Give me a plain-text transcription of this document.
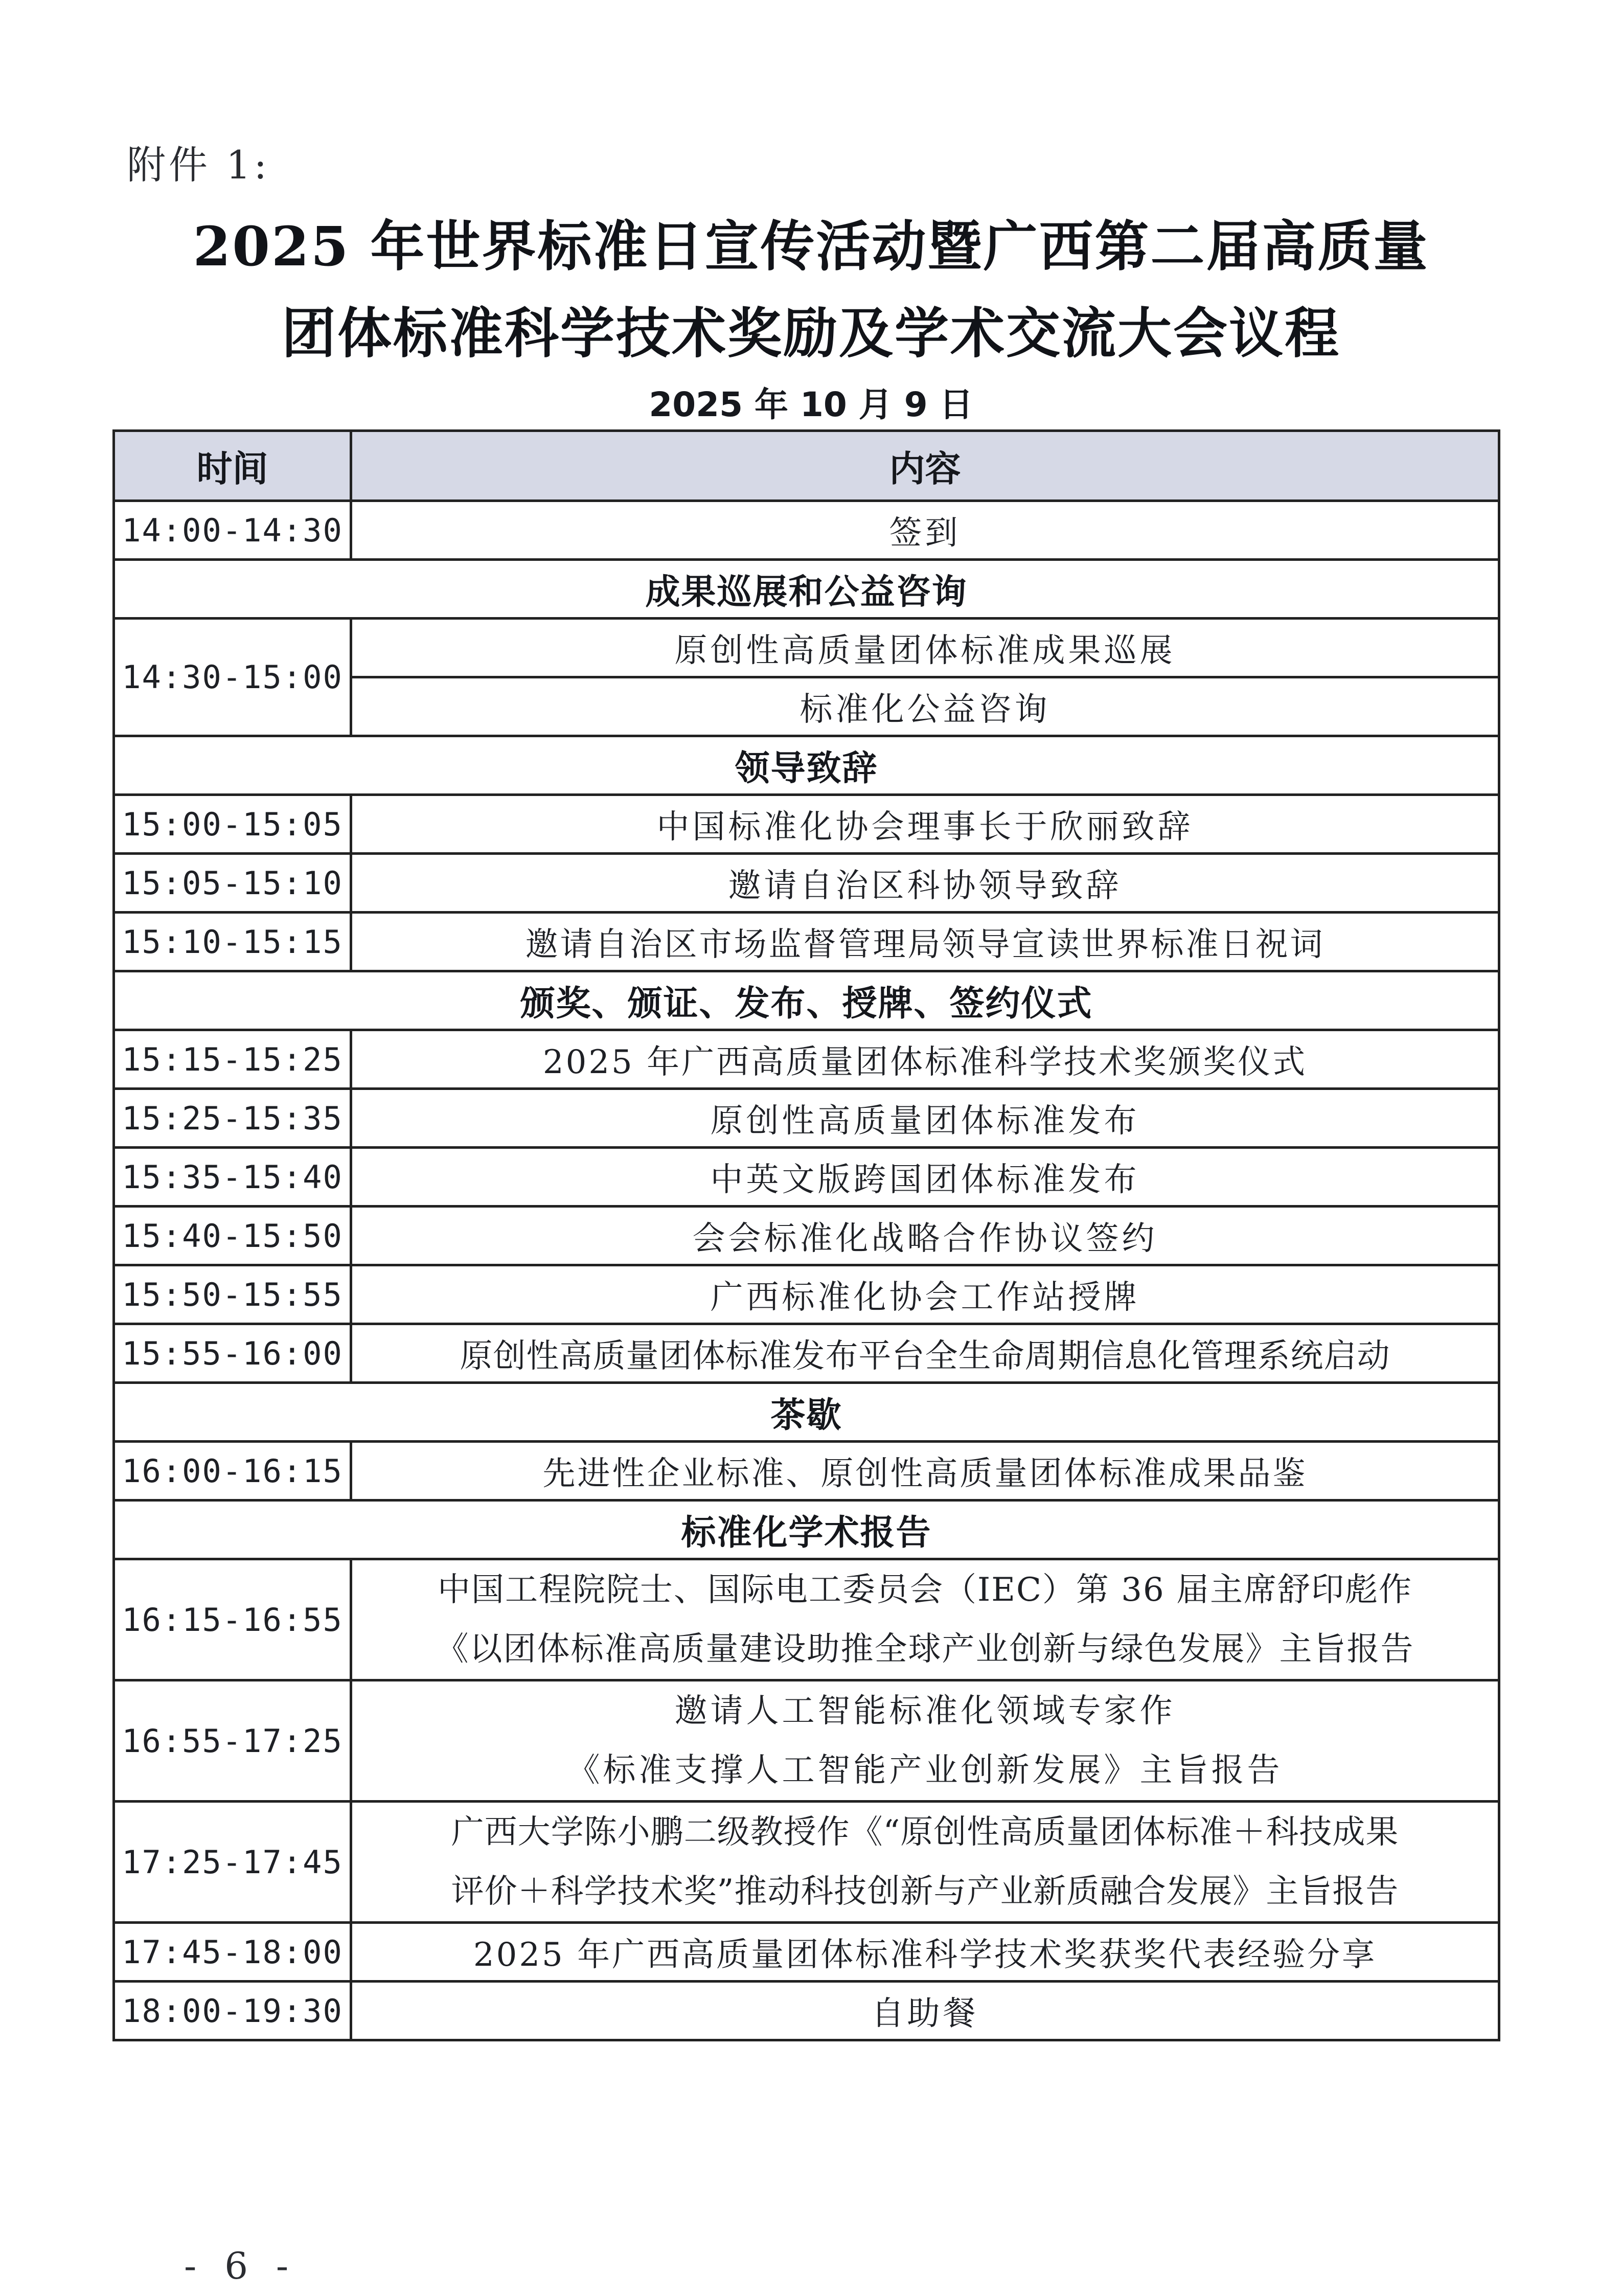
附件 1:
2025 年世界标准日宣传活动暨广西第二届高质量
团体标准科学技术奖励及学术交流大会议程
2025 年 10 月 9 日
时间	内容
14:00-14:30	签到
成果巡展和公益咨询	
14:30-15:00	原创性高质量团体标准成果巡展
	标准化公益咨询
领导致辞	
15:00-15:05	中国标准化协会理事长于欣丽致辞
15:05-15:10	邀请自治区科协领导致辞
15:10-15:15	邀请自治区市场监督管理局领导宣读世界标准日祝词
颁奖、颁证、发布、授牌、签约仪式	
15:15-15:25	2025 年广西高质量团体标准科学技术奖颁奖仪式
15:25-15:35	原创性高质量团体标准发布
15:35-15:40	中英文版跨国团体标准发布
15:40-15:50	会会标准化战略合作协议签约
15:50-15:55	广西标准化协会工作站授牌
15:55-16:00	原创性高质量团体标准发布平台全生命周期信息化管理系统启动
茶歇	
16:00-16:15	先进性企业标准、原创性高质量团体标准成果品鉴
标准化学术报告	
16:15-16:55	中国工程院院士、国际电工委员会（IEC）第 36 届主席舒印彪作
《以团体标准高质量建设助推全球产业创新与绿色发展》主旨报告

16:55-17:25	邀请人工智能标准化领域专家作
《标准支撑人工智能产业创新发展》主旨报告

17:25-17:45	广西大学陈小鹏二级教授作《“原创性高质量团体标准＋科技成果
评价＋科学技术奖”推动科技创新与产业新质融合发展》主旨报告

17:45-18:00	2025 年广西高质量团体标准科学技术奖获奖代表经验分享
18:00-19:30	自助餐
- 6 -
